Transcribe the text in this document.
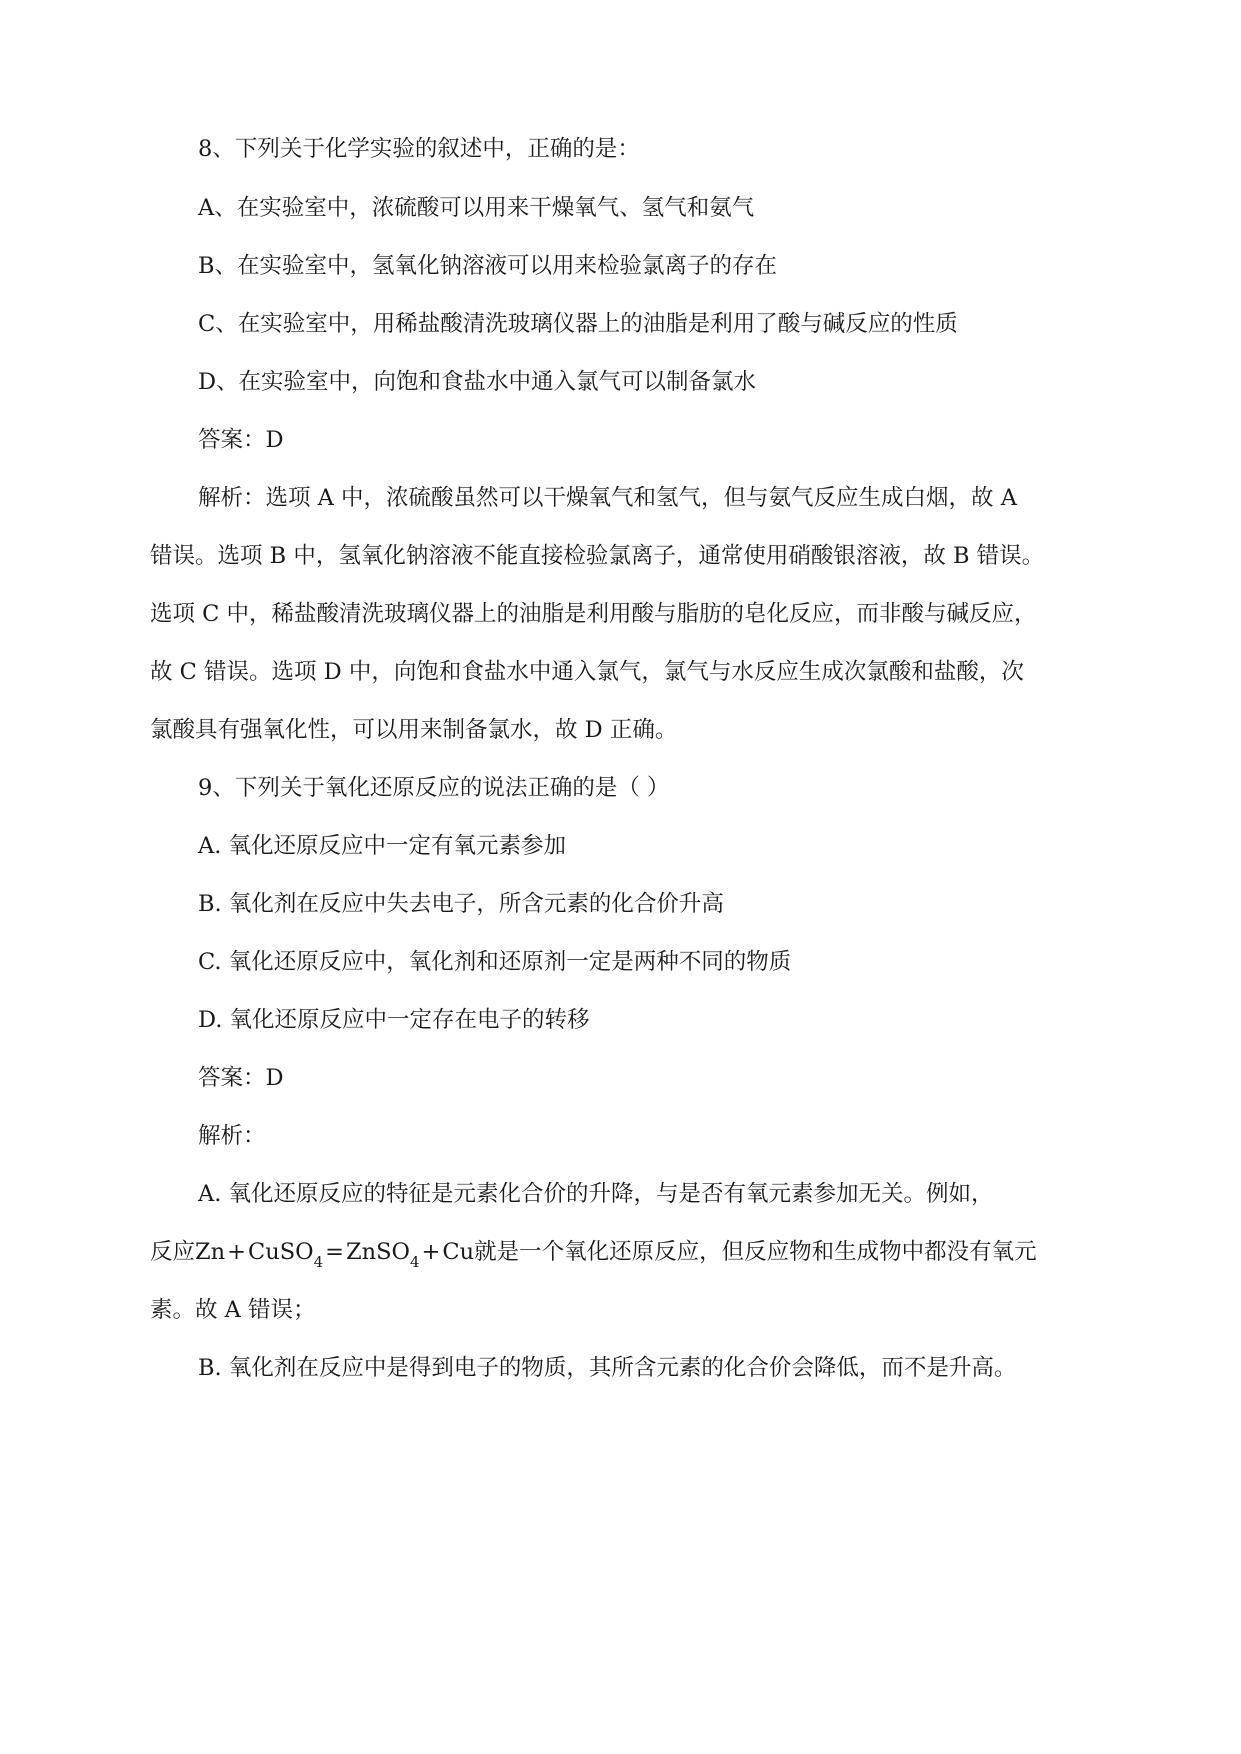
8、下列关于化学实验的叙述中，正确的是：
A、在实验室中，浓硫酸可以用来干燥氧气、氢气和氨气
B、在实验室中，氢氧化钠溶液可以用来检验氯离子的存在
C、在实验室中，用稀盐酸清洗玻璃仪器上的油脂是利用了酸与碱反应的性质
D、在实验室中，向饱和食盐水中通入氯气可以制备氯水
答案：D
解析：选项 A 中，浓硫酸虽然可以干燥氧气和氢气，但与氨气反应生成白烟，故 A
错误。选项 B 中，氢氧化钠溶液不能直接检验氯离子，通常使用硝酸银溶液，故 B 错误。
选项 C 中，稀盐酸清洗玻璃仪器上的油脂是利用酸与脂肪的皂化反应，而非酸与碱反应，
故 C 错误。选项 D 中，向饱和食盐水中通入氯气，氯气与水反应生成次氯酸和盐酸，次
氯酸具有强氧化性，可以用来制备氯水，故 D 正确。
9、下列关于氧化还原反应的说法正确的是（ ）
A. 氧化还原反应中一定有氧元素参加
B. 氧化剂在反应中失去电子，所含元素的化合价升高
C. 氧化还原反应中，氧化剂和还原剂一定是两种不同的物质
D. 氧化还原反应中一定存在电子的转移
答案：D
解析：
A. 氧化还原反应的特征是元素化合价的升降，与是否有氧元素参加无关。例如，
反应Zn+CuSO$_4$=ZnSO$_4$+Cu就是一个氧化还原反应，但反应物和生成物中都没有氧元
素。故 A 错误；
B. 氧化剂在反应中是得到电子的物质，其所含元素的化合价会降低，而不是升高。
